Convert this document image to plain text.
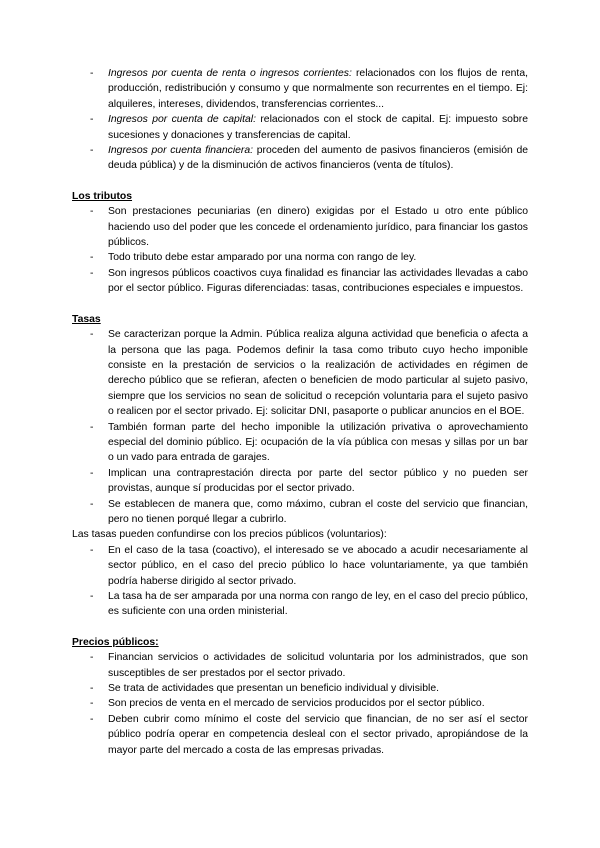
- Ingresos por cuenta de renta o ingresos corrientes: relacionados con los flujos de renta, producción, redistribución y consumo y que normalmente son recurrentes en el tiempo. Ej: alquileres, intereses, dividendos, transferencias corrientes...
- Ingresos por cuenta de capital: relacionados con el stock de capital. Ej: impuesto sobre sucesiones y donaciones y transferencias de capital.
- Ingresos por cuenta financiera: proceden del aumento de pasivos financieros (emisión de deuda pública) y de la disminución de activos financieros (venta de títulos).

Los tributos

- Son prestaciones pecuniarias (en dinero) exigidas por el Estado u otro ente público haciendo uso del poder que les concede el ordenamiento jurídico, para financiar los gastos públicos.
- Todo tributo debe estar amparado por una norma con rango de ley.
- Son ingresos públicos coactivos cuya finalidad es financiar las actividades llevadas a cabo por el sector público. Figuras diferenciadas: tasas, contribuciones especiales e impuestos.

Tasas

- Se caracterizan porque la Admin. Pública realiza alguna actividad que beneficia o afecta a la persona que las paga. Podemos definir la tasa como tributo cuyo hecho imponible consiste en la prestación de servicios o la realización de actividades en régimen de derecho público que se refieran, afecten o beneficien de modo particular al sujeto pasivo, siempre que los servicios no sean de solicitud o recepción voluntaria para el sujeto pasivo o realicen por el sector privado. Ej: solicitar DNI, pasaporte o publicar anuncios en el BOE.
- También forman parte del hecho imponible la utilización privativa o aprovechamiento especial del dominio público. Ej: ocupación de la vía pública con mesas y sillas por un bar o un vado para entrada de garajes.
- Implican una contraprestación directa por parte del sector público y no pueden ser provistas, aunque sí producidas por el sector privado.
- Se establecen de manera que, como máximo, cubran el coste del servicio que financian, pero no tienen porqué llegar a cubrirlo.

Las tasas pueden confundirse con los precios públicos (voluntarios):

- En el caso de la tasa (coactivo), el interesado se ve abocado a acudir necesariamente al sector público, en el caso del precio público lo hace voluntariamente, ya que también podría haberse dirigido al sector privado.
- La tasa ha de ser amparada por una norma con rango de ley, en el caso del precio público, es suficiente con una orden ministerial.

Precios públicos:

- Financian servicios o actividades de solicitud voluntaria por los administrados, que son susceptibles de ser prestados por el sector privado.
- Se trata de actividades que presentan un beneficio individual y divisible.
- Son precios de venta en el mercado de servicios producidos por el sector público.
- Deben cubrir como mínimo el coste del servicio que financian, de no ser así el sector público podría operar en competencia desleal con el sector privado, apropiándose de la mayor parte del mercado a costa de las empresas privadas.
